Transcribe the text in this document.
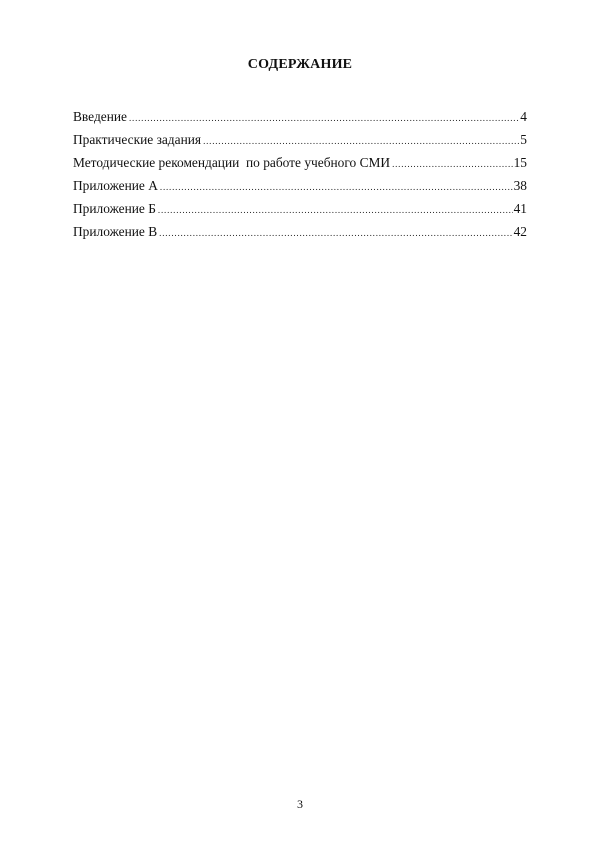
СОДЕРЖАНИЕ
Введение .....	4
Практические задания .....	5
Методические рекомендации  по работе учебного СМИ .....	15
Приложение А .....	38
Приложение Б .....	41
Приложение В .....	42
3
